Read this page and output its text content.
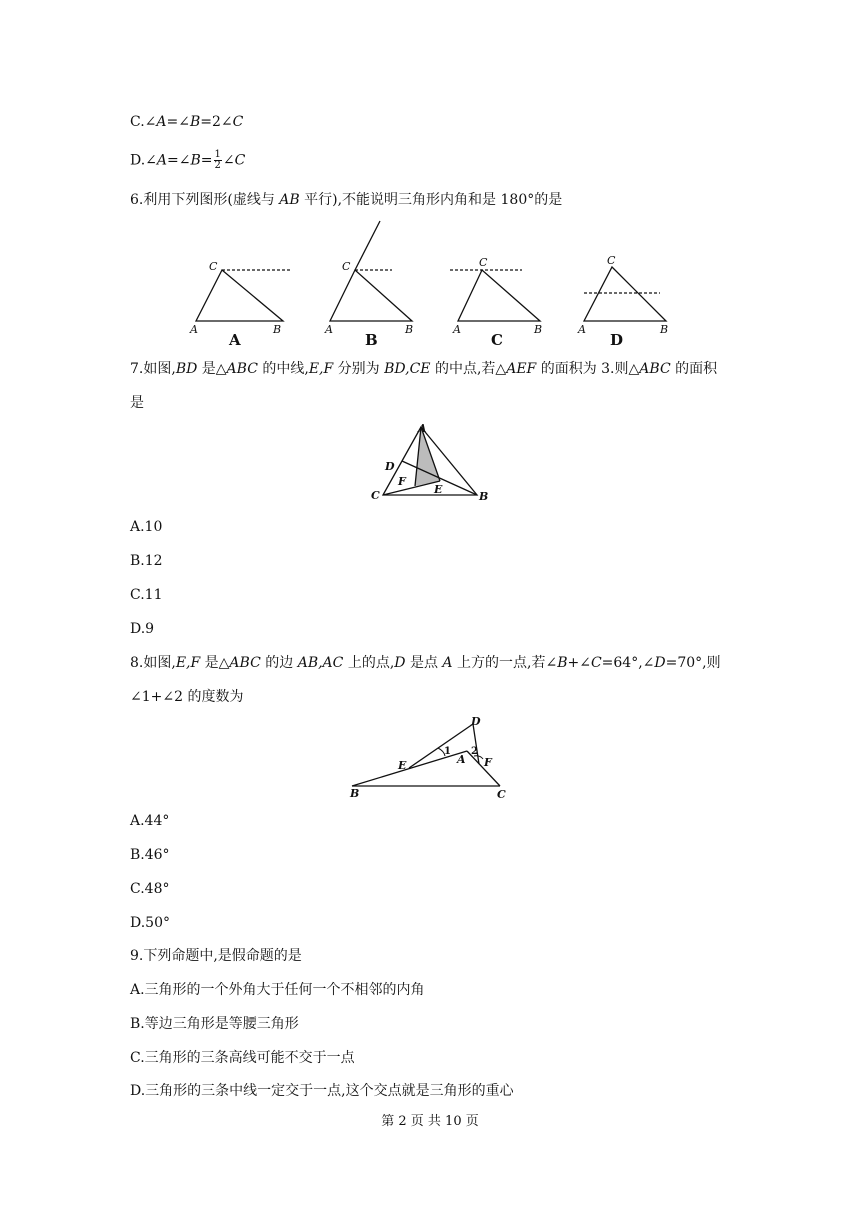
C.∠A=∠B=2∠C
D.∠A=∠B= $\frac{1}{2}$ ∠C
6.利用下列图形(虚线与 AB 平行),不能说明三角形内角和是 180°的是
C
A	B
C
A	B
C
A	B
C
A	B
A	B	C	D
7.如图,BD 是△ABC 的中线,E,F 分别为 BD,CE 的中点,若△AEF 的面积为 3.则△ABC 的面积
是
A
D
F
E
C	B
A.10
B.12
C.11
D.9
8.如图,E,F 是△ABC 的边 AB,AC 上的点,D 是点 A 上方的一点,若∠B+∠C=64°,∠D=70°,则
∠1+∠2 的度数为
D
E	A F
B	C
1 2
A.44°
B.46°
C.48°
D.50°
9.下列命题中,是假命题的是
A.三角形的一个外角大于任何一个不相邻的内角
B.等边三角形是等腰三角形
C.三角形的三条高线可能不交于一点
D.三角形的三条中线一定交于一点,这个交点就是三角形的重心
第 2 页 共 10 页
